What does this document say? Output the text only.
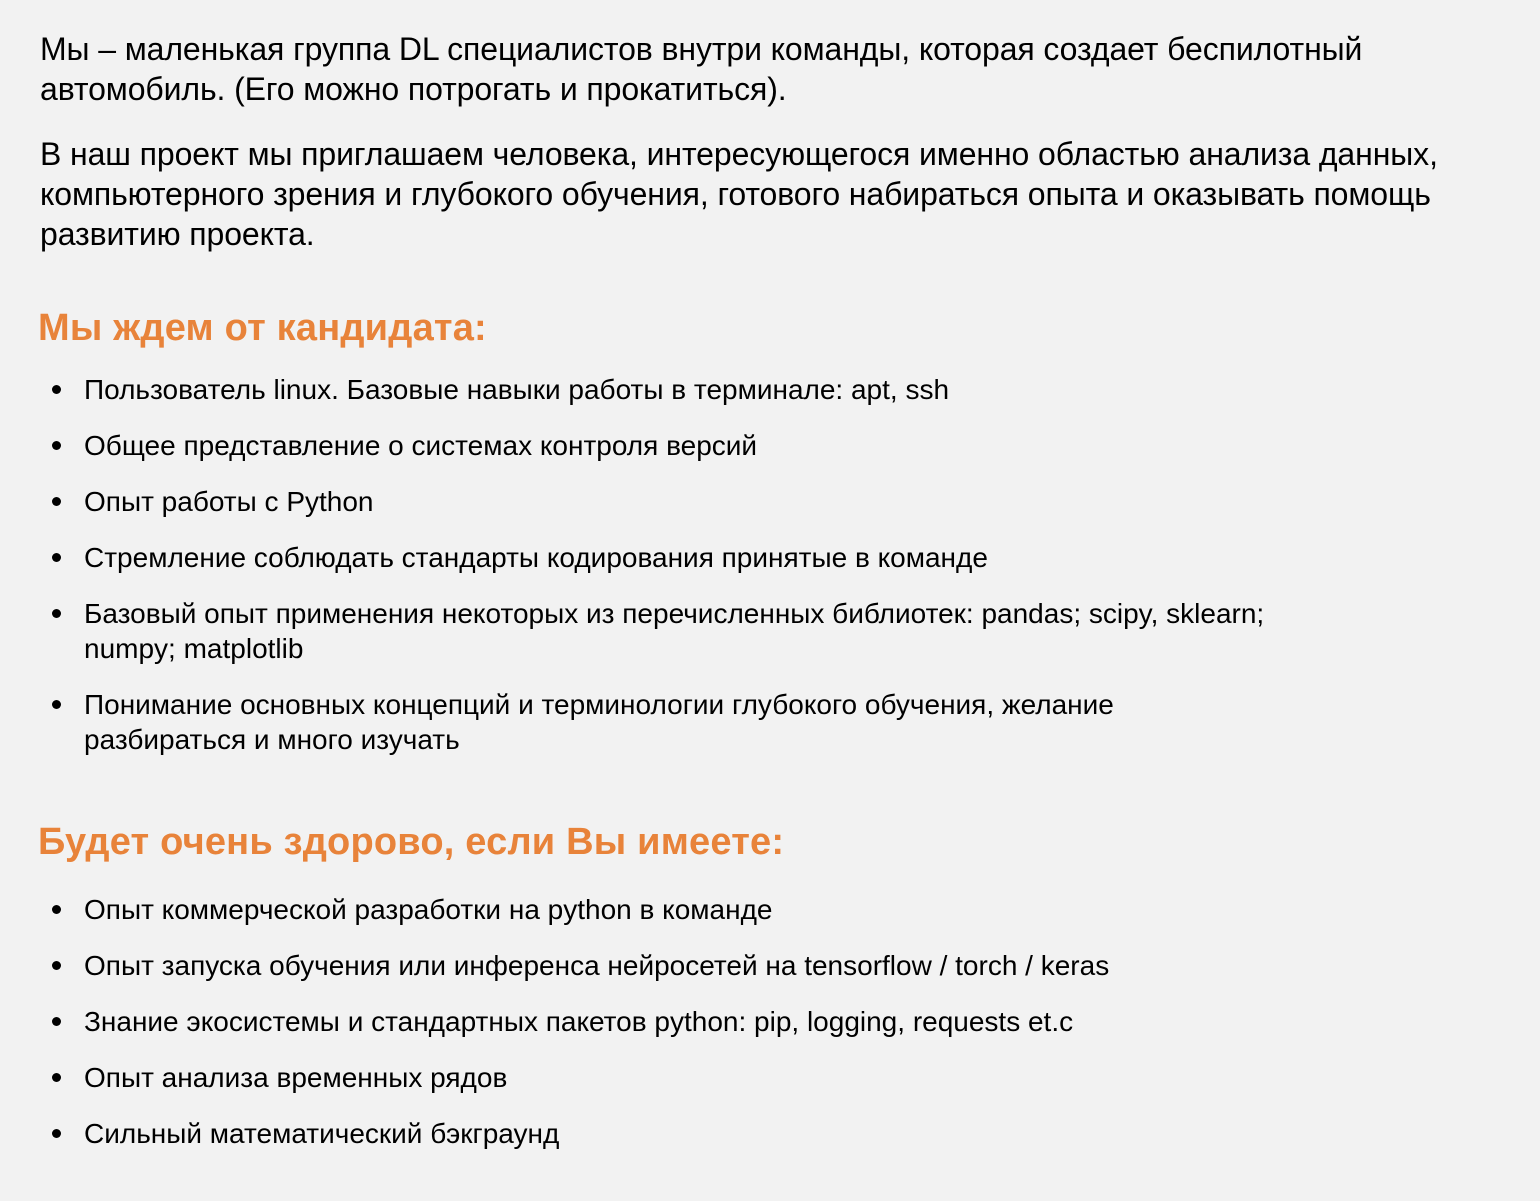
Мы – маленькая группа DL специалистов внутри команды, которая создает беспилотный автомобиль. (Его можно потрогать и прокатиться).

В наш проект мы приглашаем человека, интересующегося именно областью анализа данных, компьютерного зрения и глубокого обучения, готового набираться опыта и оказывать помощь развитию проекта.

Мы ждем от кандидата:
Пользователь linux. Базовые навыки работы в терминале: apt, ssh
Общее представление о системах контроля версий
Опыт работы с Python
Стремление соблюдать стандарты кодирования принятые в команде
Базовый опыт применения некоторых из перечисленных библиотек: pandas; scipy, sklearn; numpy; matplotlib
Понимание основных концепций и терминологии глубокого обучения, желание разбираться и много изучать
Будет очень здорово, если Вы имеете:
Опыт коммерческой разработки на python в команде
Опыт запуска обучения или инференса нейросетей на tensorflow / torch / keras
Знание экосистемы и стандартных пакетов python: pip, logging, requests et.c
Опыт анализа временных рядов
Сильный математический бэкграунд
